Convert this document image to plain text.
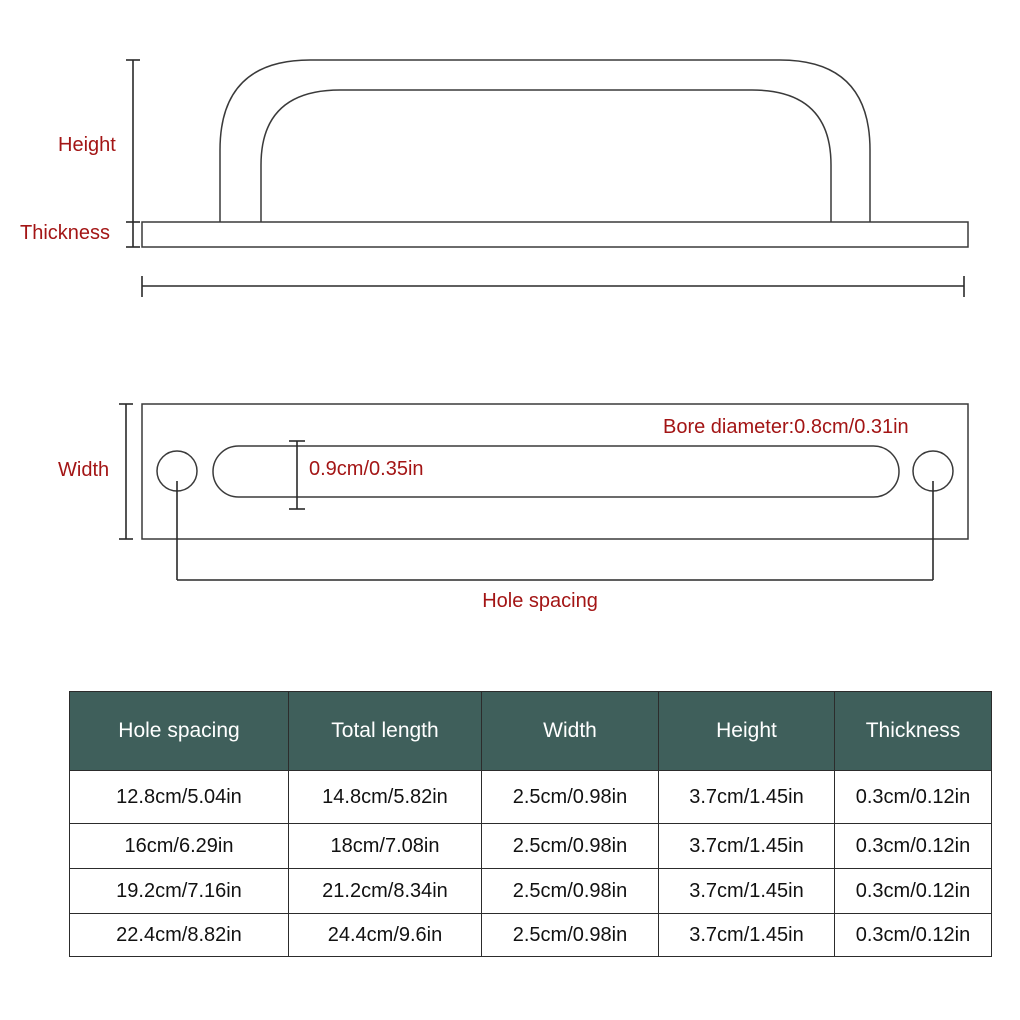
Height
Thickness
Width	0.9cm/0.35in
Bore diameter:0.8cm/0.31in
Hole spacing
Hole spacing	Total length	Width	Height	Thickness
12.8cm/5.04in	14.8cm/5.82in	2.5cm/0.98in	3.7cm/1.45in	0.3cm/0.12in
16cm/6.29in	18cm/7.08in	2.5cm/0.98in	3.7cm/1.45in	0.3cm/0.12in
19.2cm/7.16in	21.2cm/8.34in	2.5cm/0.98in	3.7cm/1.45in	0.3cm/0.12in
22.4cm/8.82in	24.4cm/9.6in	2.5cm/0.98in	3.7cm/1.45in	0.3cm/0.12in
